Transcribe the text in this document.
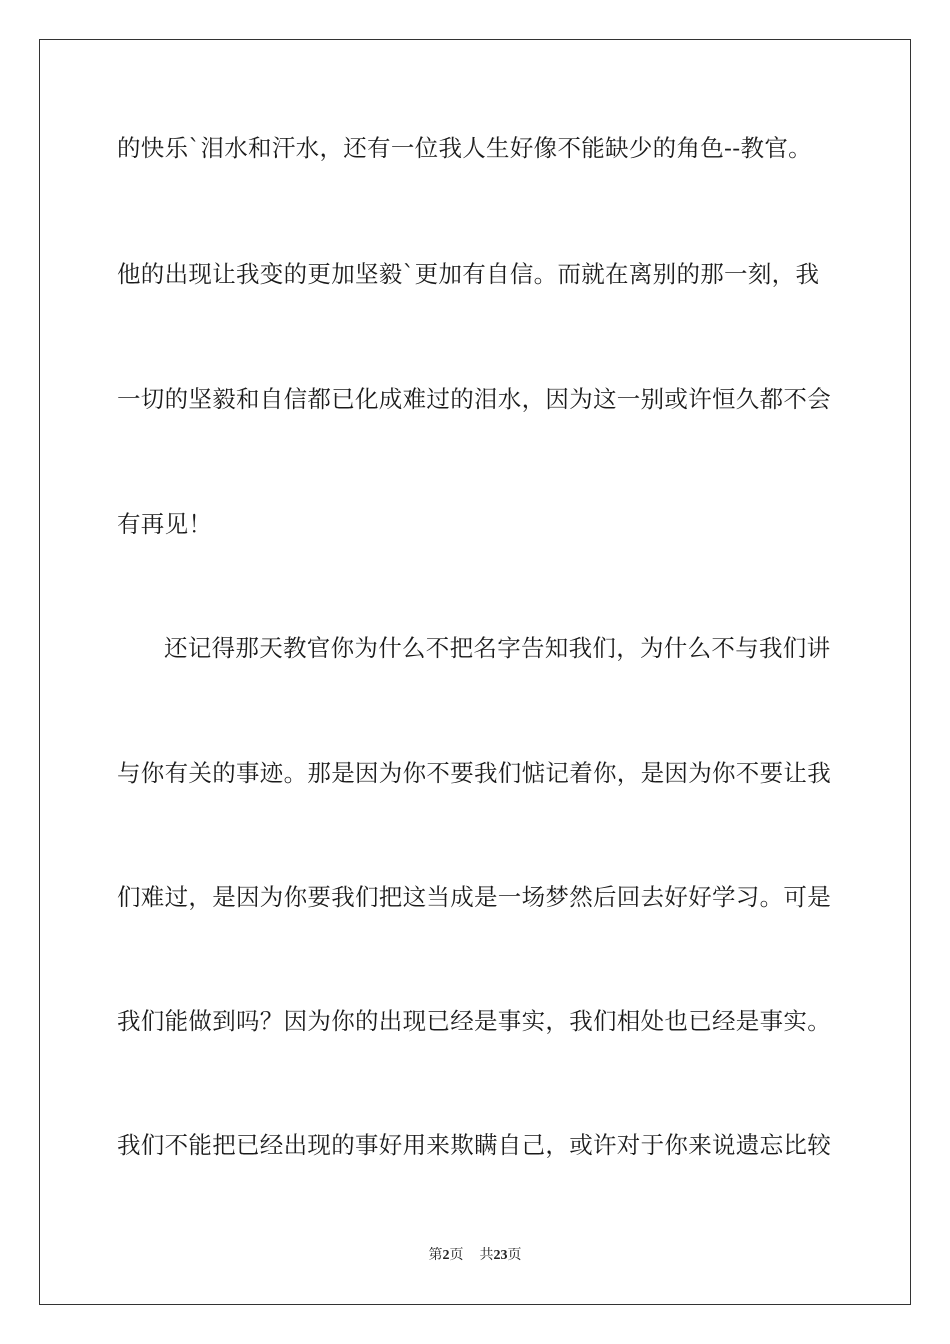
的快乐`泪水和汗水，还有一位我人生好像不能缺少的角色--教官。
他的出现让我变的更加坚毅`更加有自信。而就在离别的那一刻，我
一切的坚毅和自信都已化成难过的泪水，因为这一别或许恒久都不会
有再见！
还记得那天教官你为什么不把名字告知我们，为什么不与我们讲
与你有关的事迹。那是因为你不要我们惦记着你，是因为你不要让我
们难过，是因为你要我们把这当成是一场梦然后回去好好学习。可是
我们能做到吗？因为你的出现已经是事实，我们相处也已经是事实。
我们不能把已经出现的事好用来欺瞒自己，或许对于你来说遗忘比较
第2页 共23页
